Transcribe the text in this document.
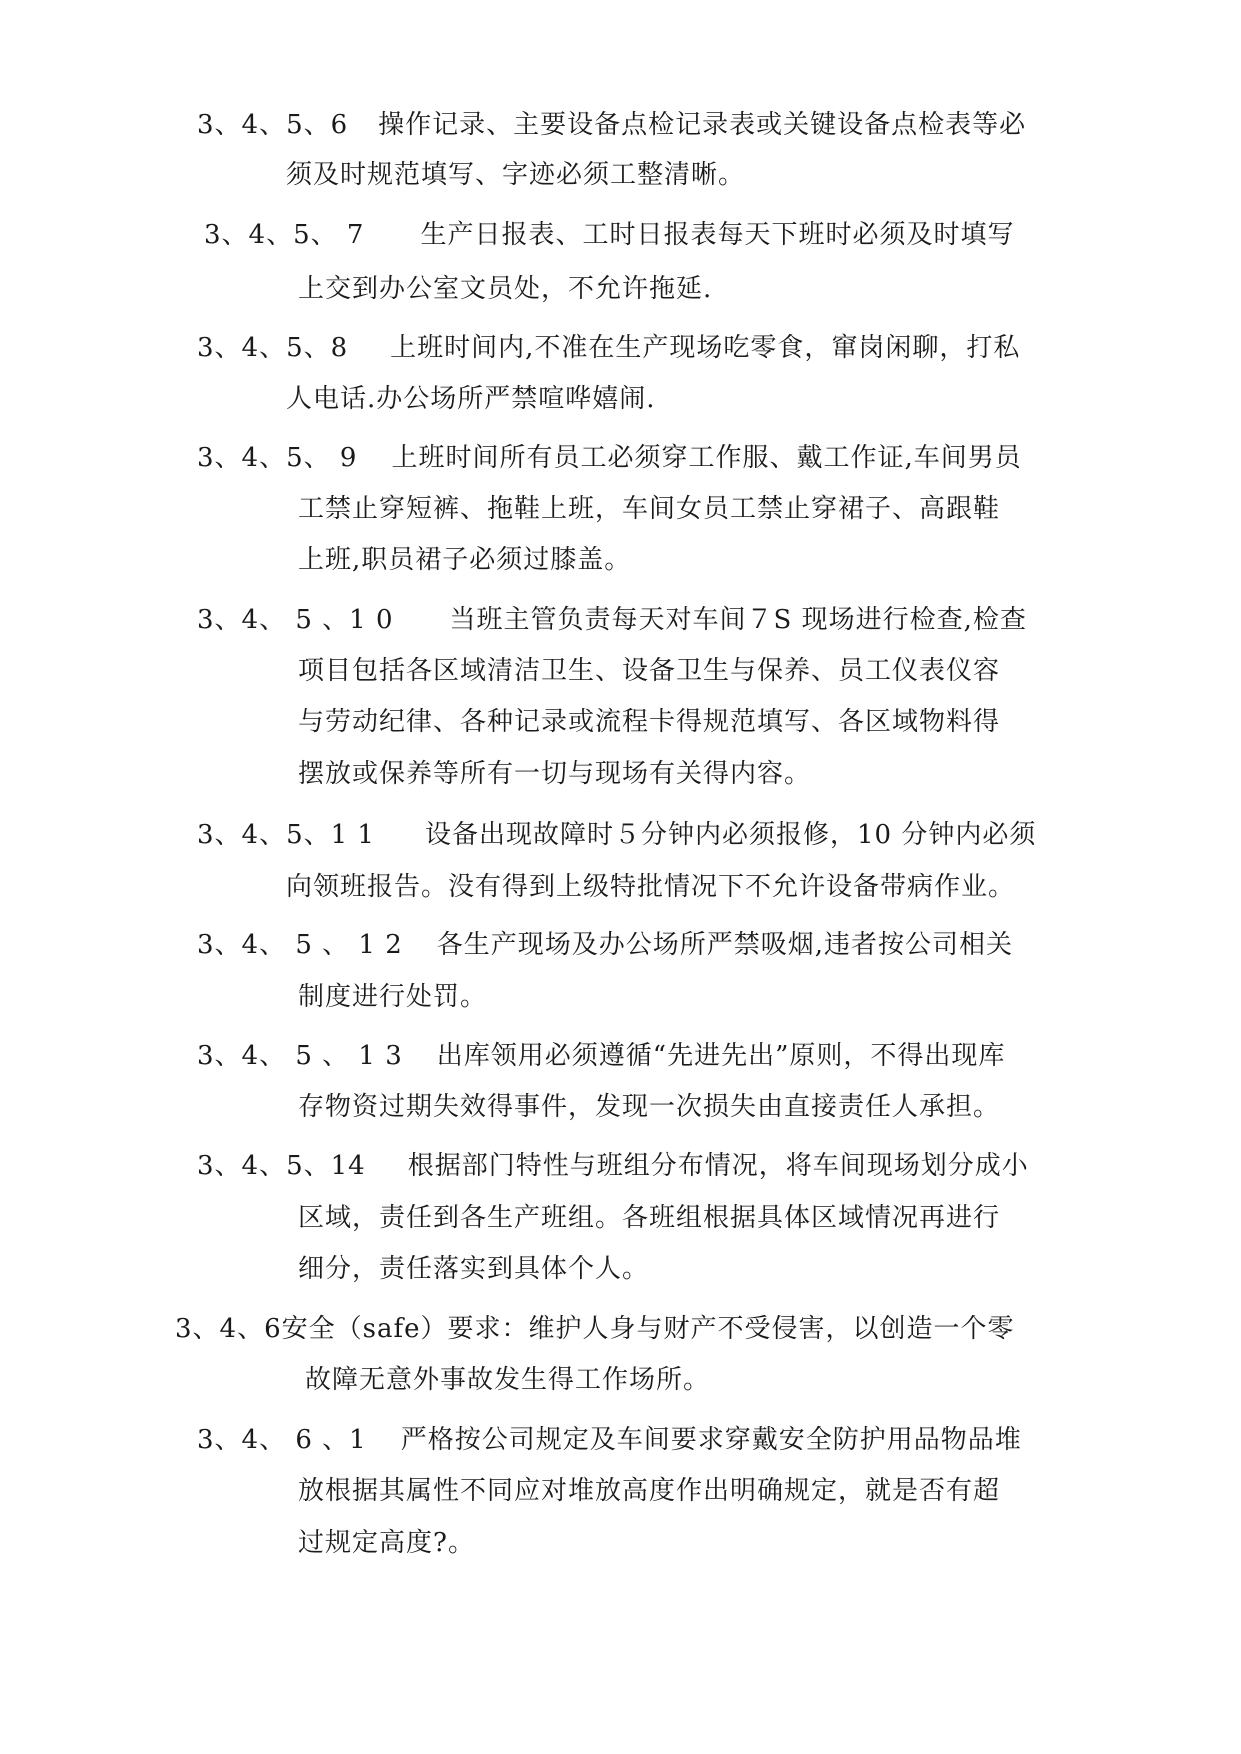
3、4、5、6 操作记录、主要设备点检记录表或关键设备点检表等必
须及时规范填写、字迹必须工整清晰。
3、4、5、 7 生产日报表、工时日报表每天下班时必须及时填写
上交到办公室文员处，不允许拖延.
3、4、5、8 上班时间内,不准在生产现场吃零食，窜岗闲聊，打私
人电话.办公场所严禁喧哗嬉闹.
3、4、5、 9 上班时间所有员工必须穿工作服、戴工作证,车间男员
工禁止穿短裤、拖鞋上班，车间女员工禁止穿裙子、高跟鞋
上班,职员裙子必须过膝盖。
3、4、 5 、1 0 当班主管负责每天对车间７S 现场进行检查,检查
项目包括各区域清洁卫生、设备卫生与保养、员工仪表仪容
与劳动纪律、各种记录或流程卡得规范填写、各区域物料得
摆放或保养等所有一切与现场有关得内容。
3、4、5、1 1 设备出现故障时５分钟内必须报修，10 分钟内必须
向领班报告。没有得到上级特批情况下不允许设备带病作业。
3、4、 5 、 1 2 各生产现场及办公场所严禁吸烟,违者按公司相关
制度进行处罚。
3、4、 5 、 1 3 出库领用必须遵循“先进先出”原则，不得出现库
存物资过期失效得事件，发现一次损失由直接责任人承担。
3、4、5、14 根据部门特性与班组分布情况，将车间现场划分成小
区域，责任到各生产班组。各班组根据具体区域情况再进行
细分，责任落实到具体个人。
3、4、6安全（safe）要求：维护人身与财产不受侵害，以创造一个零
故障无意外事故发生得工作场所。
3、4、 6 、1 严格按公司规定及车间要求穿戴安全防护用品物品堆
放根据其属性不同应对堆放高度作出明确规定，就是否有超
过规定高度?。
